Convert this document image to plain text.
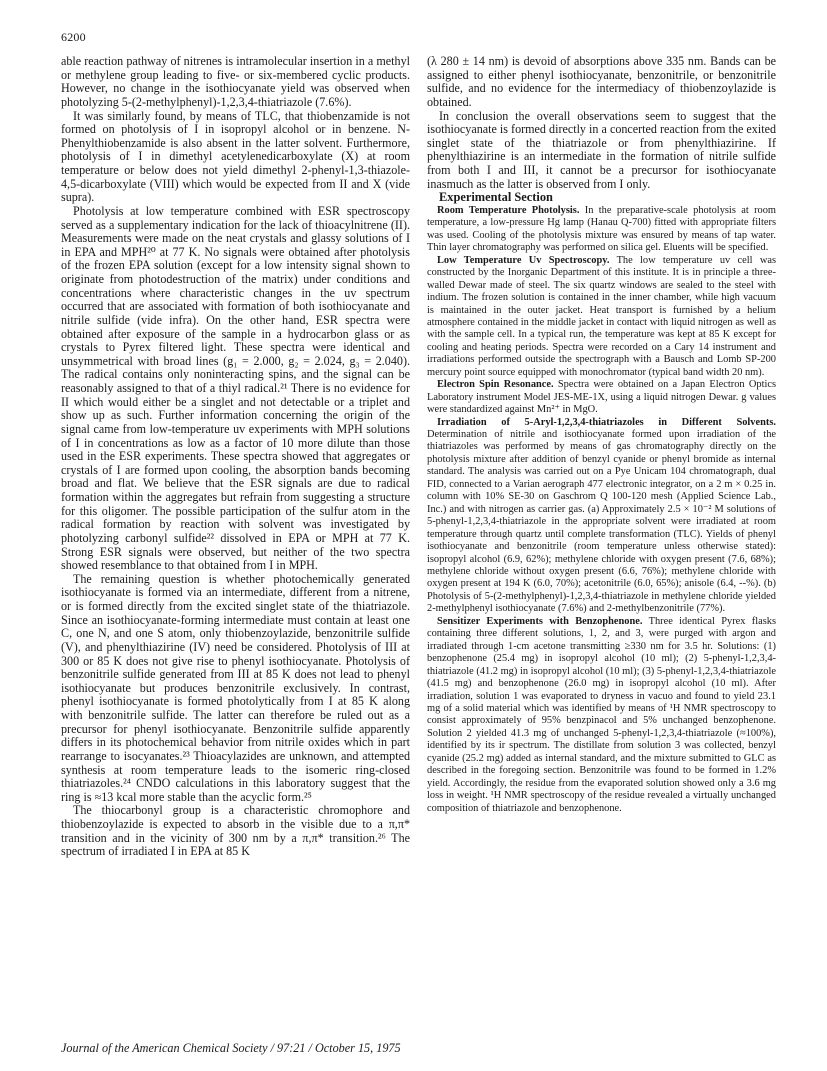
6200

able reaction pathway of nitrenes is intramolecular insertion in a methyl or methylene group leading to five- or six-membered cyclic products. However, no change in the isothiocyanate yield was observed when photolyzing 5-(2-methylphenyl)-1,2,3,4-thiatriazole (7.6%).

It was similarly found, by means of TLC, that thiobenzamide is not formed on photolysis of I in isopropyl alcohol or in benzene. N-Phenylthiobenzamide is also absent in the latter solvent. Furthermore, photolysis of I in dimethyl acetylenedicarboxylate (X) at room temperature or below does not yield dimethyl 2-phenyl-1,3-thiazole-4,5-dicarboxylate (VIII) which would be expected from II and X (vide supra).

Photolysis at low temperature combined with ESR spectroscopy served as a supplementary indication for the lack of thioacylnitrene (II). Measurements were made on the neat crystals and glassy solutions of I in EPA and MPH²⁰ at 77 K. No signals were obtained after photolysis of the frozen EPA solution (except for a low intensity signal shown to originate from photodestruction of the matrix) under conditions and concentrations where characteristic changes in the uv spectrum occurred that are associated with formation of both isothiocyanate and nitrile sulfide (vide infra). On the other hand, ESR spectra were obtained after exposure of the sample in a hydrocarbon glass or as crystals to Pyrex filtered light. These spectra were identical and unsymmetrical with broad lines (g₁ = 2.000, g₂ = 2.024, g₃ = 2.040). The radical contains only noninteracting spins, and the signal can be reasonably assigned to that of a thiyl radical.²¹ There is no evidence for II which would either be a singlet and not detectable or a triplet and show up as such. Further information concerning the origin of the signal came from low-temperature uv experiments with MPH solutions of I in concentrations as low as a factor of 10 more dilute than those used in the ESR experiments. These spectra showed that aggregates or crystals of I are formed upon cooling, the absorption bands becoming broad and flat. We believe that the ESR signals are due to radical formation within the aggregates but refrain from suggesting a structure for this oligomer. The possible participation of the sulfur atom in the radical formation by reaction with solvent was investigated by photolyzing carbonyl sulfide²² dissolved in EPA or MPH at 77 K. Strong ESR signals were observed, but neither of the two spectra showed resemblance to that obtained from I in MPH.

The remaining question is whether photochemically generated isothiocyanate is formed via an intermediate, different from a nitrene, or is formed directly from the excited singlet state of the thiatriazole. Since an isothiocyanate-forming intermediate must contain at least one C, one N, and one S atom, only thiobenzoylazide, benzonitrile sulfide (V), and phenylthiazirine (IV) need be considered. Photolysis of III at 300 or 85 K does not give rise to phenyl isothiocyanate. Photolysis of benzonitrile sulfide generated from III at 85 K does not lead to phenyl isothiocyanate but produces benzonitrile exclusively. In contrast, phenyl isothiocyanate is formed photolytically from I at 85 K along with benzonitrile sulfide. The latter can therefore be ruled out as a precursor for phenyl isothiocyanate. Benzonitrile sulfide apparently differs in its photochemical behavior from nitrile oxides which in part rearrange to isocyanates.²³ Thioacylazides are unknown, and attempted synthesis at room temperature leads to the isomeric ring-closed thiatriazoles.²⁴ CNDO calculations in this laboratory suggest that the ring is ≈13 kcal more stable than the acyclic form.²⁵

The thiocarbonyl group is a characteristic chromophore and thiobenzoylazide is expected to absorb in the visible due to a π,π* transition and in the vicinity of 300 nm by a π,π* transition.²⁶ The spectrum of irradiated I in EPA at 85 K

(λ 280 ± 14 nm) is devoid of absorptions above 335 nm. Bands can be assigned to either phenyl isothiocyanate, benzonitrile, or benzonitrile sulfide, and no evidence for the intermediacy of thiobenzoylazide is obtained.

In conclusion the overall observations seem to suggest that the isothiocyanate is formed directly in a concerted reaction from the exited singlet state of the thiatriazole or from phenylthiazirine. If phenylthiazirine is an intermediate in the formation of nitrile sulfide from both I and III, it cannot be a precursor for isothiocyanate inasmuch as the latter is observed from I only.

Experimental Section

Room Temperature Photolysis. In the preparative-scale photolysis at room temperature, a low-pressure Hg lamp (Hanau Q-700) fitted with appropriate filters was used. Cooling of the photolysis mixture was ensured by means of tap water. Thin layer chromatography was performed on silica gel. Eluents will be specified.

Low Temperature Uv Spectroscopy. The low temperature uv cell was constructed by the Inorganic Department of this institute. It is in principle a three-walled Dewar made of steel. The six quartz windows are sealed to the steel with indium. The frozen solution is contained in the inner chamber, while high vacuum is maintained in the outer jacket. Heat transport is furnished by a helium atmosphere contained in the middle jacket in contact with liquid nitrogen as well as with the sample cell. In a typical run, the temperature was kept at 85 K except for cooling and heating periods. Spectra were recorded on a Cary 14 instrument and irradiations performed outside the spectrograph with a Bausch and Lomb SP-200 mercury point source equipped with monochromator (typical band width 20 nm).

Electron Spin Resonance. Spectra were obtained on a Japan Electron Optics Laboratory instrument Model JES-ME-1X, using a liquid nitrogen Dewar. g values were standardized against Mn²⁺ in MgO.

Irradiation of 5-Aryl-1,2,3,4-thiatriazoles in Different Solvents. Determination of nitrile and isothiocyanate formed upon irradiation of the thiatriazoles was performed by means of gas chromatography directly on the photolysis mixture after addition of benzyl cyanide or phenyl bromide as internal standard. The analysis was carried out on a Pye Unicam 104 chromatograph, dual FID, connected to a Varian aerograph 477 electronic integrator, on a 2 m × 0.25 in. column with 10% SE-30 on Gaschrom Q 100-120 mesh (Applied Science Lab., Inc.) and with nitrogen as carrier gas. (a) Approximately 2.5 × 10⁻² M solutions of 5-phenyl-1,2,3,4-thiatriazole in the appropriate solvent were irradiated at room temperature through quartz until complete transformation (TLC). Yields of phenyl isothiocyanate and benzonitrile (room temperature unless otherwise stated): isopropyl alcohol (6.9, 62%); methylene chloride with oxygen present (7.6, 68%); methylene chloride without oxygen present (6.6, 76%); methylene chloride with oxygen present at 194 K (6.0, 70%); acetonitrile (6.0, 65%); anisole (6.4, --%). (b) Photolysis of 5-(2-methylphenyl)-1,2,3,4-thiatriazole in methylene chloride yielded 2-methylphenyl isothiocyanate (7.6%) and 2-methylbenzonitrile (77%).

Sensitizer Experiments with Benzophenone. Three identical Pyrex flasks containing three different solutions, 1, 2, and 3, were purged with argon and irradiated through 1-cm acetone transmitting ≥330 nm for 3.5 hr. Solutions: (1) benzophenone (25.4 mg) in isopropyl alcohol (10 ml); (2) 5-phenyl-1,2,3,4-thiatriazole (41.2 mg) in isopropyl alcohol (10 ml); (3) 5-phenyl-1,2,3,4-thiatriazole (41.5 mg) and benzophenone (26.0 mg) in isopropyl alcohol (10 ml). After irradiation, solution 1 was evaporated to dryness in vacuo and found to yield 23.1 mg of a solid material which was identified by means of ¹H NMR spectroscopy to consist approximately of 95% benzpinacol and 5% unchanged benzophenone. Solution 2 yielded 41.3 mg of unchanged 5-phenyl-1,2,3,4-thiatriazole (≈100%), identified by its ir spectrum. The distillate from solution 3 was collected, benzyl cyanide (25.2 mg) added as internal standard, and the mixture submitted to GLC as described in the foregoing section. Benzonitrile was found to be formed in 1.2% yield. Accordingly, the residue from the evaporated solution showed only a 3.6 mg loss in weight. ¹H NMR spectroscopy of the residue revealed a virtually unchanged composition of thiatriazole and benzophenone.

Journal of the American Chemical Society / 97:21 / October 15, 1975
